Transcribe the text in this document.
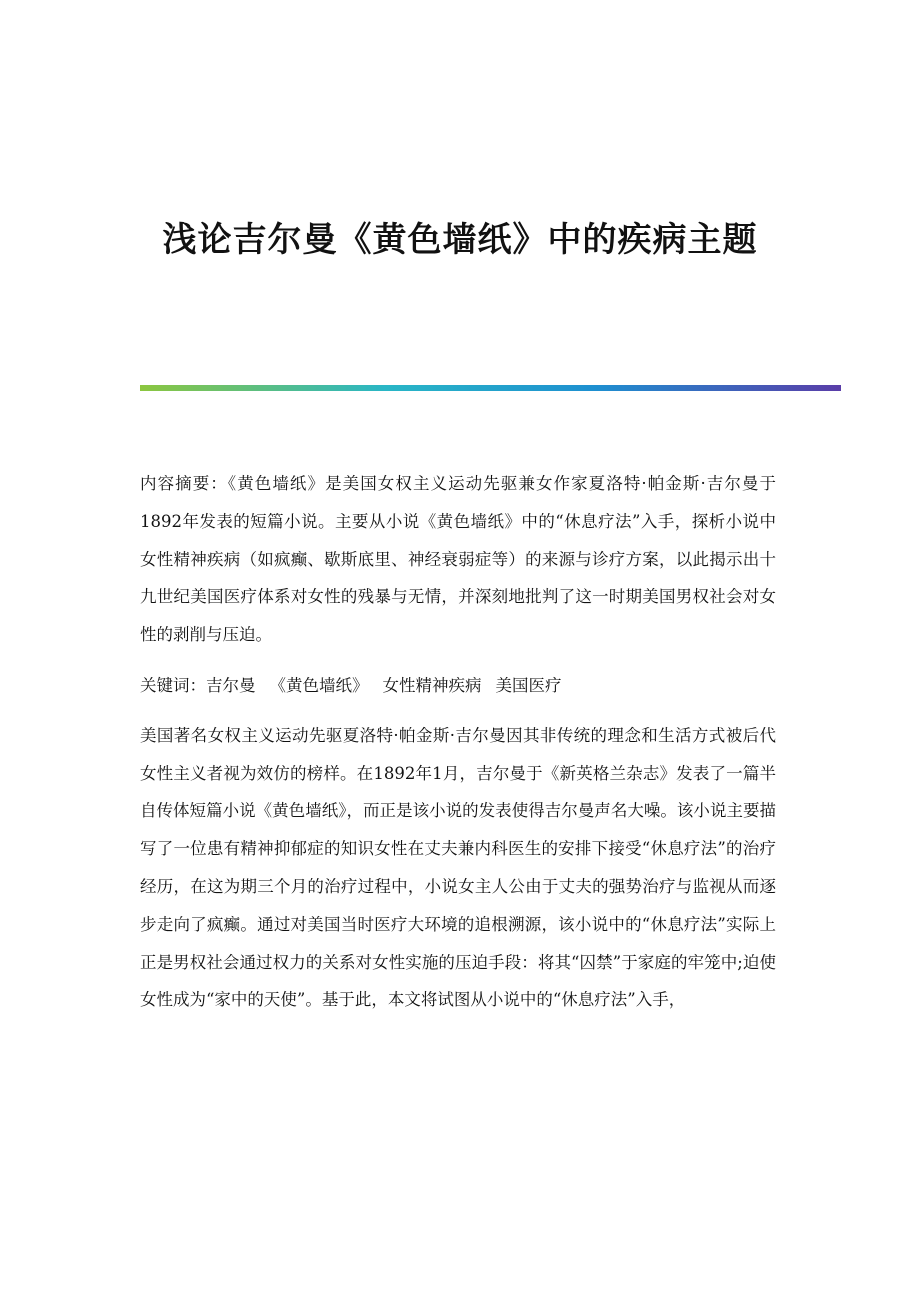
浅论吉尔曼《黄色墙纸》中的疾病主题

内容摘要：《黄色墙纸》是美国女权主义运动先驱兼女作家夏洛特·帕金斯·吉尔曼于1892年发表的短篇小说。主要从小说《黄色墙纸》中的“休息疗法”入手，探析小说中女性精神疾病（如疯癫、歇斯底里、神经衰弱症等）的来源与诊疗方案，以此揭示出十九世纪美国医疗体系对女性的残暴与无情，并深刻地批判了这一时期美国男权社会对女性的剥削与压迫。

关键词：吉尔曼 《黄色墙纸》 女性精神疾病 美国医疗

美国著名女权主义运动先驱夏洛特·帕金斯·吉尔曼因其非传统的理念和生活方式被后代女性主义者视为效仿的榜样。在1892年1月，吉尔曼于《新英格兰杂志》发表了一篇半自传体短篇小说《黄色墙纸》，而正是该小说的发表使得吉尔曼声名大噪。该小说主要描写了一位患有精神抑郁症的知识女性在丈夫兼内科医生的安排下接受“休息疗法”的治疗经历，在这为期三个月的治疗过程中，小说女主人公由于丈夫的强势治疗与监视从而逐步走向了疯癫。通过对美国当时医疗大环境的追根溯源，该小说中的“休息疗法”实际上正是男权社会通过权力的关系对女性实施的压迫手段：将其“囚禁”于家庭的牢笼中;迫使女性成为“家中的天使”。基于此，本文将试图从小说中的“休息疗法”入手，
